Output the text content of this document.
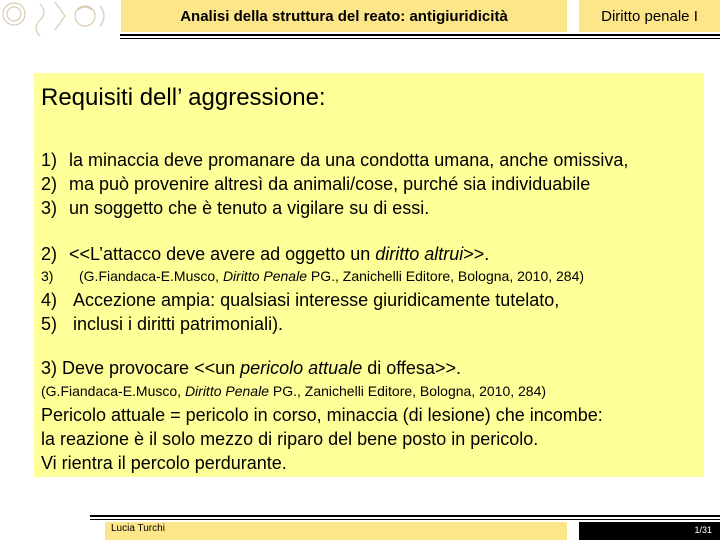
Analisi della struttura del reato: antigiuridicità	Diritto penale I
Requisiti dell’ aggressione:
1) la minaccia deve promanare da una condotta umana, anche omissiva,
2) ma può provenire altresì da animali/cose, purché sia individuabile
3) un soggetto che è tenuto a vigilare su di essi.
2) <<L’attacco deve avere ad oggetto un diritto altrui>>.
3) (G.Fiandaca-E.Musco, Diritto Penale PG., Zanichelli Editore, Bologna, 2010, 284)
4) Accezione ampia: qualsiasi interesse giuridicamente tutelato,
5) inclusi i diritti patrimoniali).
3) Deve provocare <<un pericolo attuale di offesa>>.
(G.Fiandaca-E.Musco, Diritto Penale PG., Zanichelli Editore, Bologna, 2010, 284)
Pericolo attuale = pericolo in corso, minaccia (di lesione) che incombe:
la reazione è il solo mezzo di riparo del bene posto in pericolo.
Vi rientra il percolo perdurante.
Lucia Turchi	1/31
